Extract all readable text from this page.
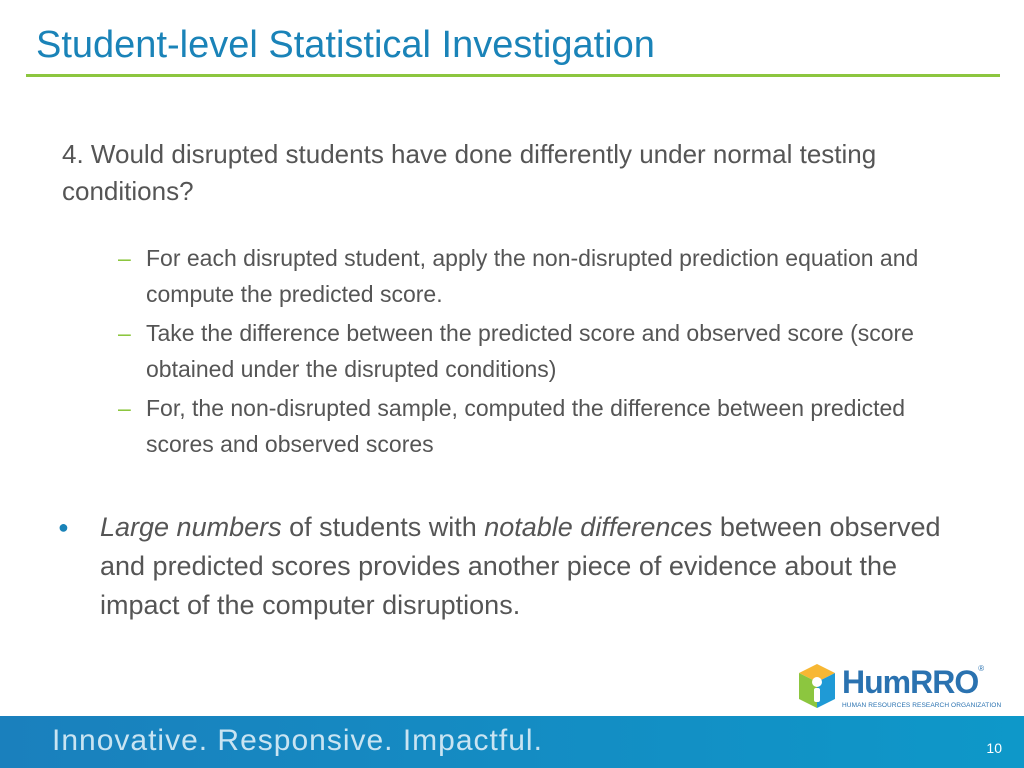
Student-level Statistical Investigation
4. Would disrupted students have done differently under normal testing conditions?
– For each disrupted student, apply the non-disrupted prediction equation and compute the predicted score.
– Take the difference between the predicted score and observed score (score obtained under the disrupted conditions)
– For, the non-disrupted sample, computed the difference between predicted scores and observed scores
● Large numbers of students with notable differences between observed and predicted scores provides another piece of evidence about the impact of the computer disruptions.
HumRRO®
HUMAN RESOURCES RESEARCH ORGANIZATION
Innovative. Responsive. Impactful.	10
